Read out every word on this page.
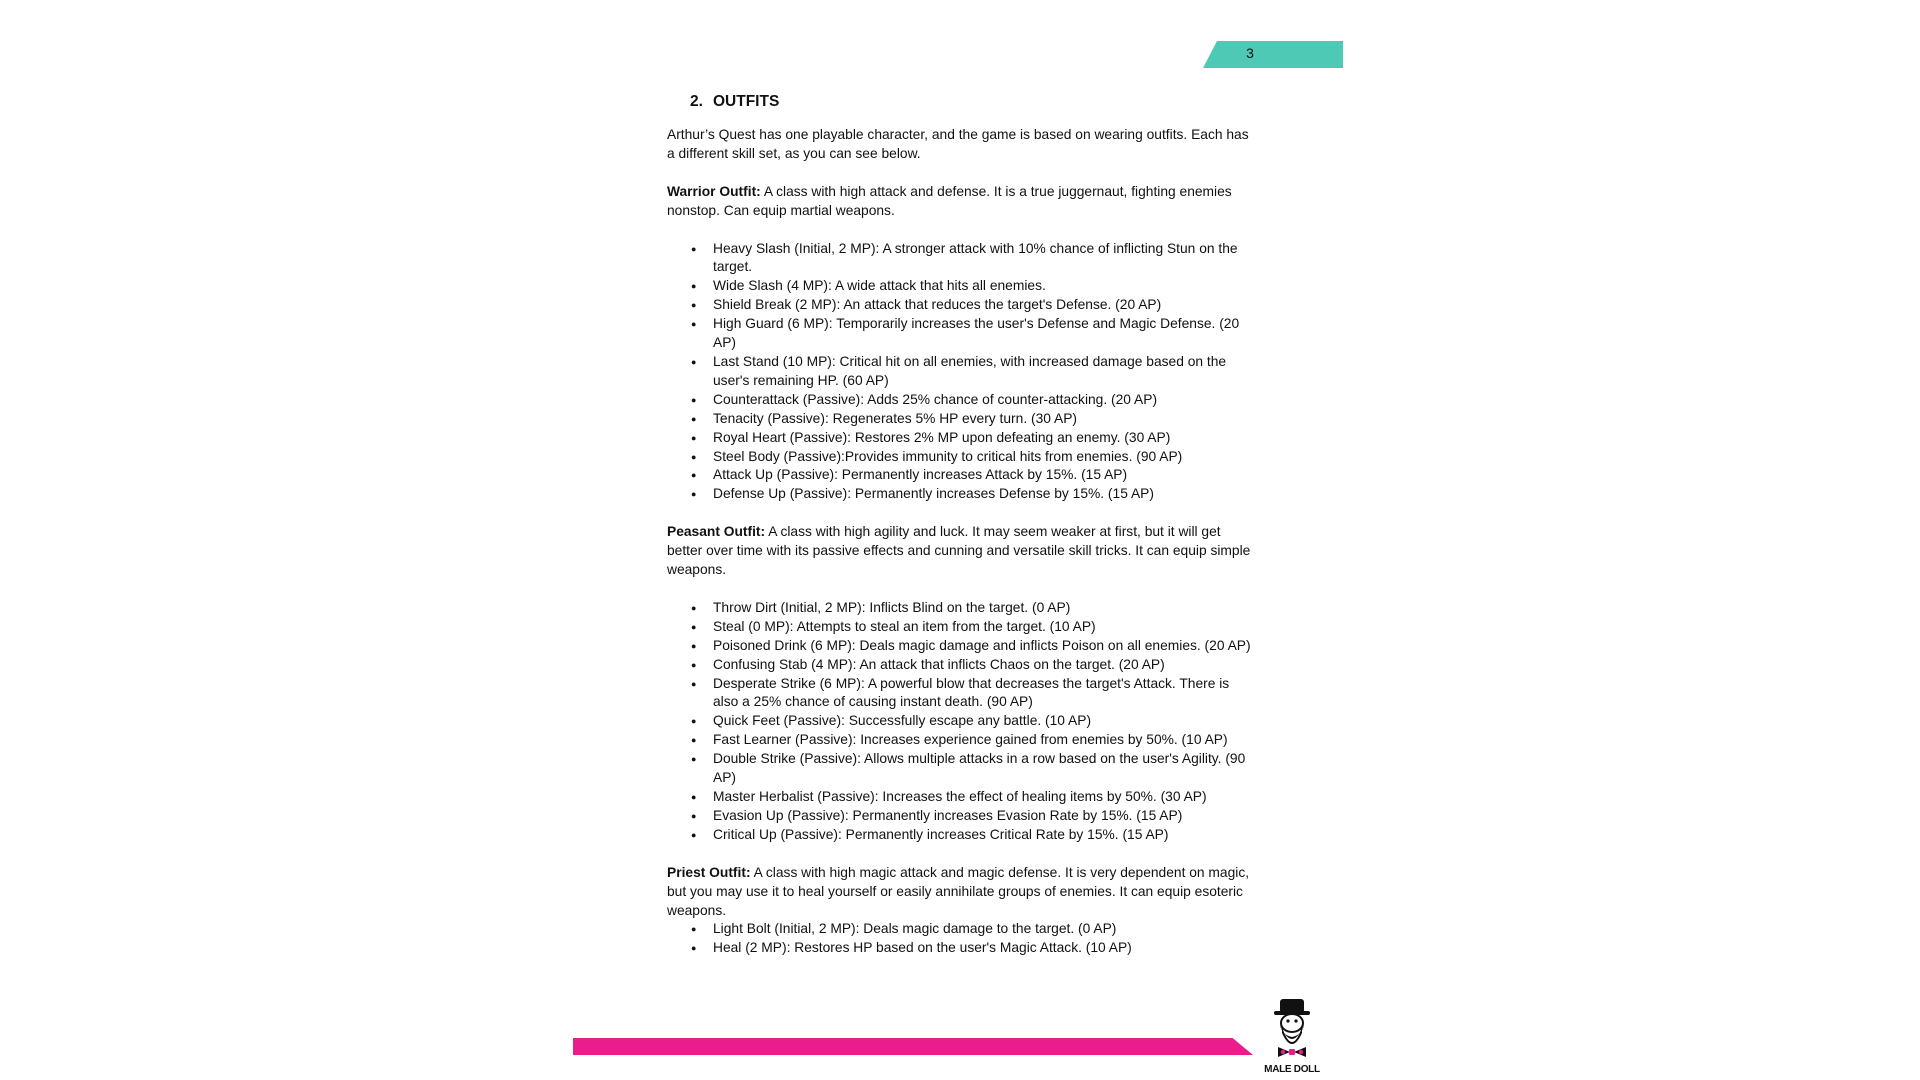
3
2. OUTFITS

Arthur’s Quest has one playable character, and the game is based on wearing outfits. Each has a different skill set, as you can see below.

Warrior Outfit: A class with high attack and defense. It is a true juggernaut, fighting enemies nonstop. Can equip martial weapons.

● Heavy Slash (Initial, 2 MP): A stronger attack with 10% chance of inflicting Stun on the target.
● Wide Slash (4 MP): A wide attack that hits all enemies.
● Shield Break (2 MP): An attack that reduces the target's Defense. (20 AP)
● High Guard (6 MP): Temporarily increases the user's Defense and Magic Defense. (20 AP)
● Last Stand (10 MP): Critical hit on all enemies, with increased damage based on the user's remaining HP. (60 AP)
● Counterattack (Passive): Adds 25% chance of counter-attacking. (20 AP)
● Tenacity (Passive): Regenerates 5% HP every turn. (30 AP)
● Royal Heart (Passive): Restores 2% MP upon defeating an enemy. (30 AP)
● Steel Body (Passive):Provides immunity to critical hits from enemies. (90 AP)
● Attack Up (Passive): Permanently increases Attack by 15%. (15 AP)
● Defense Up (Passive): Permanently increases Defense by 15%. (15 AP)

Peasant Outfit: A class with high agility and luck. It may seem weaker at first, but it will get better over time with its passive effects and cunning and versatile skill tricks. It can equip simple weapons.

● Throw Dirt (Initial, 2 MP): Inflicts Blind on the target. (0 AP)
● Steal (0 MP): Attempts to steal an item from the target. (10 AP)
● Poisoned Drink (6 MP): Deals magic damage and inflicts Poison on all enemies. (20 AP)
● Confusing Stab (4 MP): An attack that inflicts Chaos on the target. (20 AP)
● Desperate Strike (6 MP): A powerful blow that decreases the target's Attack. There is also a 25% chance of causing instant death. (90 AP)
● Quick Feet (Passive): Successfully escape any battle. (10 AP)
● Fast Learner (Passive): Increases experience gained from enemies by 50%. (10 AP)
● Double Strike (Passive): Allows multiple attacks in a row based on the user's Agility. (90 AP)
● Master Herbalist (Passive): Increases the effect of healing items by 50%. (30 AP)
● Evasion Up (Passive): Permanently increases Evasion Rate by 15%. (15 AP)
● Critical Up (Passive): Permanently increases Critical Rate by 15%. (15 AP)

Priest Outfit: A class with high magic attack and magic defense. It is very dependent on magic, but you may use it to heal yourself or easily annihilate groups of enemies. It can equip esoteric weapons.

● Light Bolt (Initial, 2 MP): Deals magic damage to the target. (0 AP)
● Heal (2 MP): Restores HP based on the user's Magic Attack. (10 AP)
MALE DOLL
